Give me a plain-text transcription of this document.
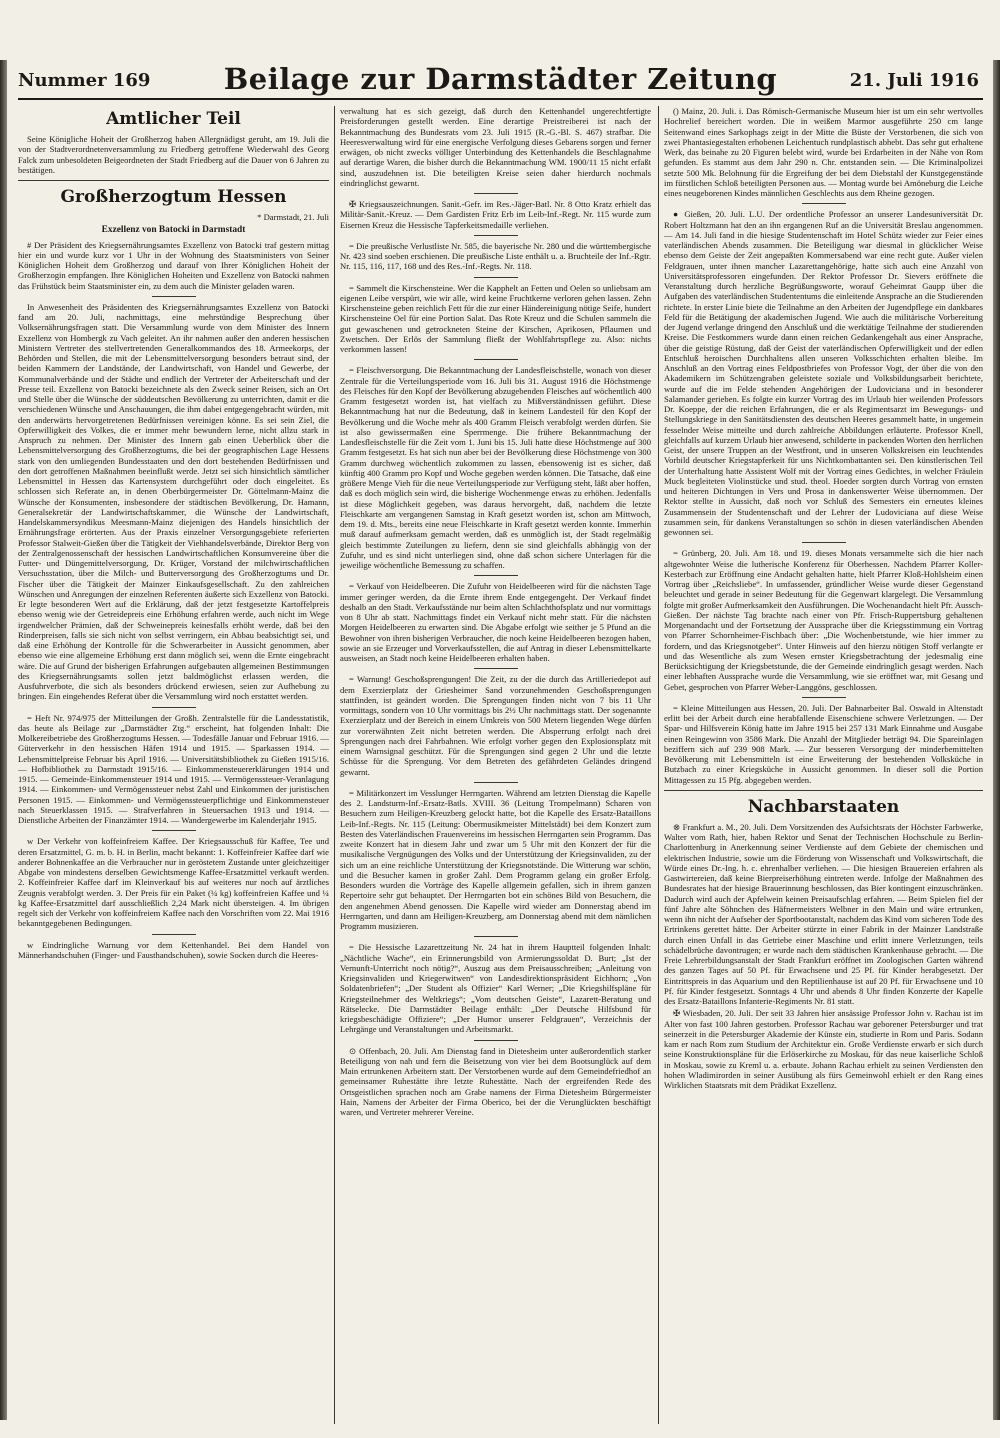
Nummer 169	Beilage zur Darmstädter Zeitung	21. Juli 1916
Amtlicher Teil

Seine Königliche Hoheit der Großherzog haben Allergnädigst geruht, am 19. Juli die von der Stadtverordnetenversammlung zu Friedberg getroffene Wiederwahl des Georg Falck zum unbesoldeten Beigeordneten der Stadt Friedberg auf die Dauer von 6 Jahren zu bestätigen.

Großherzogtum Hessen
* Darmstadt, 21. Juli
Exzellenz von Batocki in Darmstadt

# Der Präsident des Kriegsernährungsamtes Exzellenz von Batocki traf gestern mittag hier ein und wurde kurz vor 1 Uhr in der Wohnung des Staatsministers von Seiner Königlichen Hoheit dem Großherzog und darauf von Ihrer Königlichen Hoheit der Großherzogin empfangen. Ihre Königlichen Hoheiten und Exzellenz von Batocki nahmen das Frühstück beim Staatsminister ein, zu dem auch die Minister geladen waren.

In Anwesenheit des Präsidenten des Kriegsernährungsamtes Exzellenz von Batocki fand am 20. Juli, nachmittags, eine mehrstündige Besprechung über Volksernährungsfragen statt. Die Versammlung wurde von dem Minister des Innern Exzellenz von Hombergk zu Vach geleitet. An ihr nahmen außer den anderen hessischen Ministern Vertreter des stellvertretenden Generalkommandos des 18. Armeekorps, der Behörden und Stellen, die mit der Lebensmittelversorgung besonders betraut sind, der beiden Kammern der Landstände, der Landwirtschaft, von Handel und Gewerbe, der Kommunalverbände und der Städte und endlich der Vertreter der Arbeiterschaft und der Presse teil. Exzellenz von Batocki bezeichnete als den Zweck seiner Reisen, sich an Ort und Stelle über die Wünsche der süddeutschen Bevölkerung zu unterrichten, damit er die verschiedenen Wünsche und Anschauungen, die ihm dabei entgegengebracht würden, mit den anderwärts hervorgetretenen Bedürfnissen vereinigen könne. Es sei sein Ziel, die Opferwilligkeit des Volkes, die er immer mehr bewundern lerne, nicht allzu stark in Anspruch zu nehmen. Der Minister des Innern gab einen Ueberblick über die Lebensmittelversorgung des Großherzogtums, die bei der geographischen Lage Hessens stark von den umliegenden Bundesstaaten und den dort bestehenden Bedürfnissen und den dort getroffenen Maßnahmen beeinflußt werde. Jetzt sei sich hinsichtlich sämtlicher Lebensmittel in Hessen das Kartensystem durchgeführt oder doch eingeleitet. Es schlossen sich Referate an, in denen Oberbürgermeister Dr. Göttelmann-Mainz die Wünsche der Konsumenten, insbesondere der städtischen Bevölkerung, Dr. Hamann, Generalsekretär der Landwirtschaftskammer, die Wünsche der Landwirtschaft, Handelskammersyndikus Meesmann-Mainz diejenigen des Handels hinsichtlich der Ernährungsfrage erörterten. Aus der Praxis einzelner Versorgungsgebiete referierten Professor Stalweit-Gießen über die Tätigkeit der Viehhandelsverbände, Direktor Berg von der Zentralgenossenschaft der hessischen Landwirtschaftlichen Konsumvereine über die Futter- und Düngemittelversorgung, Dr. Krüger, Vorstand der milchwirtschaftlichen Versuchsstation, über die Milch- und Butterversorgung des Großherzogtums und Dr. Fischer über die Tätigkeit der Mainzer Einkaufsgesellschaft. Zu den zahlreichen Wünschen und Anregungen der einzelnen Referenten äußerte sich Exzellenz von Batocki. Er legte besonderen Wert auf die Erklärung, daß der jetzt festgesetzte Kartoffelpreis ebenso wenig wie der Getreidepreis eine Erhöhung erfahren werde, auch nicht im Wege irgendwelcher Prämien, daß der Schweinepreis keinesfalls erhöht werde, daß bei den Rinderpreisen, falls sie sich nicht von selbst verringern, ein Abbau beabsichtigt sei, und daß eine Erhöhung der Kontrolle für die Schwerarbeiter in Aussicht genommen, aber ebenso wie eine allgemeine Erhöhung erst dann möglich sei, wenn die Ernte eingebracht wäre. Die auf Grund der bisherigen Erfahrungen aufgebauten allgemeinen Bestimmungen des Kriegsernährungsamts sollen jetzt baldmöglichst erlassen werden, die Ausfuhrverbote, die sich als besonders drückend erwiesen, seien zur Aufhebung zu bringen. Ein eingehendes Referat über die Versammlung wird noch erstattet werden.

= Heft Nr. 974/975 der Mitteilungen der Großh. Zentralstelle für die Landesstatistik, das heute als Beilage zur „Darmstädter Ztg.“ erscheint, hat folgenden Inhalt: Die Molkereibetriebe des Großherzogtums Hessen. — Todesfälle Januar und Februar 1916. — Güterverkehr in den hessischen Häfen 1914 und 1915. — Sparkassen 1914. — Lebensmittelpreise Februar bis April 1916. — Universitätsbibliothek zu Gießen 1915/16. — Hofbibliothek zu Darmstadt 1915/16. — Einkommensteuererklärungen 1914 und 1915. — Gemeinde-Einkommensteuer 1914 und 1915. — Vermögenssteuer-Veranlagung 1914. — Einkommen- und Vermögenssteuer nebst Zahl und Einkommen der juristischen Personen 1915. — Einkommen- und Vermögenssteuerpflichtige und Einkommensteuer nach Steuerklassen 1915. — Strafverfahren in Steuersachen 1913 und 1914. — Dienstliche Arbeiten der Finanzämter 1914. — Wandergewerbe im Kalenderjahr 1915.

w Der Verkehr von koffeinfreiem Kaffee. Der Kriegsausschuß für Kaffee, Tee und deren Ersatzmittel, G. m. b. H. in Berlin, macht bekannt: 1. Koffeinfreier Kaffee darf wie anderer Bohnenkaffee an die Verbraucher nur in geröstetem Zustande unter gleichzeitiger Abgabe von mindestens derselben Gewichtsmenge Kaffee-Ersatzmittel verkauft werden. 2. Koffeinfreier Kaffee darf im Kleinverkauf bis auf weiteres nur noch auf ärztliches Zeugnis verabfolgt werden. 3. Der Preis für ein Paket (¼ kg) koffeinfreien Kaffee und ¼ kg Kaffee-Ersatzmittel darf ausschließlich 2,24 Mark nicht übersteigen. 4. Im übrigen regelt sich der Verkehr von koffeinfreiem Kaffee nach den Vorschriften vom 22. Mai 1916 bekanntgegebenen Bedingungen.

w Eindringliche Warnung vor dem Kettenhandel. Bei dem Handel von Männerhandschuhen (Finger- und Fausthandschuhen), sowie Socken durch die Heeres-

verwaltung hat es sich gezeigt, daß durch den Kettenhandel ungerechtfertigte Preisforderungen gestellt werden. Eine derartige Preistreiberei ist nach der Bekanntmachung des Bundesrats vom 23. Juli 1915 (R.-G.-Bl. S. 467) strafbar. Die Heeresverwaltung wird für eine energische Verfolgung dieses Gebarens sorgen und ferner erwägen, ob nicht zwecks völliger Unterbindung des Kettenhandels die Beschlagnahme auf derartige Waren, die bisher durch die Bekanntmachung WM. 1900/11 15 nicht erfaßt sind, auszudehnen ist. Die beteiligten Kreise seien daher hierdurch nochmals eindringlichst gewarnt.

✠ Kriegsauszeichnungen. Sanit.-Gefr. im Res.-Jäger-Batl. Nr. 8 Otto Kratz erhielt das Militär-Sanit.-Kreuz. — Dem Gardisten Fritz Erb im Leib-Inf.-Regt. Nr. 115 wurde zum Eisernen Kreuz die Hessische Tapferkeitsmedaille verliehen.

= Die preußische Verlustliste Nr. 585, die bayerische Nr. 280 und die württembergische Nr. 423 sind soeben erschienen. Die preußische Liste enthält u. a. Bruchteile der Inf.-Rgtr. Nr. 115, 116, 117, 168 und des Res.-Inf.-Regts. Nr. 118.

= Sammelt die Kirschensteine. Wer die Kapphelt an Fetten und Oelen so unliebsam am eigenen Leibe verspürt, wie wir alle, wird keine Fruchtkerne verloren gehen lassen. Zehn Kirschensteine geben reichlich Fett für die zur einer Händereinigung nötige Seife, hundert Kirschensteine Oel für eine Portion Salat. Das Rote Kreuz und die Schulen sammeln die gut gewaschenen und getrockneten Steine der Kirschen, Aprikosen, Pflaumen und Zwetschen. Der Erlös der Sammlung fließt der Wohlfahrtspflege zu. Also: nichts verkommen lassen!

= Fleischversorgung. Die Bekanntmachung der Landesfleischstelle, wonach von dieser Zentrale für die Verteilungsperiode vom 16. Juli bis 31. August 1916 die Höchstmenge des Fleisches für den Kopf der Bevölkerung abzugebenden Fleisches auf wöchentlich 400 Gramm festgesetzt worden ist, hat vielfach zu Mißverständnissen geführt. Diese Bekanntmachung hat nur die Bedeutung, daß in keinem Landesteil für den Kopf der Bevölkerung und die Woche mehr als 400 Gramm Fleisch verabfolgt werden dürfen. Sie ist also gewissermaßen eine Sperrmenge. Die frühere Bekanntmachung der Landesfleischstelle für die Zeit vom 1. Juni bis 15. Juli hatte diese Höchstmenge auf 300 Gramm festgesetzt. Es hat sich nun aber bei der Bevölkerung diese Höchstmenge von 300 Gramm durchweg wöchentlich zukommen zu lassen, ebensowenig ist es sicher, daß künftig 400 Gramm pro Kopf und Woche gegeben werden können. Die Tatsache, daß eine größere Menge Vieh für die neue Verteilungsperiode zur Verfügung steht, läßt aber hoffen, daß es doch möglich sein wird, die bisherige Wochenmenge etwas zu erhöhen. Jedenfalls ist diese Möglichkeit gegeben, was daraus hervorgeht, daß, nachdem die letzte Fleischkarte am vergangenen Samstag in Kraft gesetzt worden ist, schon am Mittwoch, dem 19. d. Mts., bereits eine neue Fleischkarte in Kraft gesetzt werden konnte. Immerhin muß darauf aufmerksam gemacht werden, daß es unmöglich ist, der Stadt regelmäßig gleich bestimmte Zuteilungen zu liefern, denn sie sind gleichfalls abhängig von der Zufuhr, und es sind nicht unterliegen sind, ohne daß schon sichere Unterlagen für die jeweilige wöchentliche Bemessung zu schaffen.

= Verkauf von Heidelbeeren. Die Zufuhr von Heidelbeeren wird für die nächsten Tage immer geringer werden, da die Ernte ihrem Ende entgegengeht. Der Verkauf findet deshalb an den Stadt. Verkaufsstände nur beim alten Schlachthofsplatz und nur vormittags von 8 Uhr ab statt. Nachmittags findet ein Verkauf nicht mehr statt. Für die nächsten Morgen Heidelbeeren zu erwarten sind. Die Abgabe erfolgt wie seither je 5 Pfund an die Bewohner von ihren bisherigen Verbraucher, die noch keine Heidelbeeren bezogen haben, sowie an sie Erzeuger und Vorverkaufsstellen, die auf Antrag in dieser Lebensmittelkarte ausweisen, an Stadt noch keine Heidelbeeren erhalten haben.

= Warnung! Geschoßsprengungen! Die Zeit, zu der die durch das Artilleriedepot auf dem Exerzierplatz der Griesheimer Sand vorzunehmenden Geschoßsprengungen stattfinden, ist geändert worden. Die Sprengungen finden nicht von 7 bis 11 Uhr vormittags, sondern von 10 Uhr vormittags bis 2½ Uhr nachmittags statt. Der sogenannte Exerzierplatz und der Bereich in einem Umkreis von 500 Metern liegenden Wege dürfen zur vorerwähnten Zeit nicht betreten werden. Die Absperrung erfolgt nach drei Sprengungen nach drei Fahrbahnen. Wie erfolgt vorher gegen den Explosionsplatz mit einem Warnsignal geschützt. Für die Sprengungen sind gegen 2 Uhr und die letzte Schüsse für die Sprengung. Vor dem Betreten des gefährdeten Geländes dringend gewarnt.

= Militärkonzert im Vesslunger Herrngarten. Während am letzten Dienstag die Kapelle des 2. Landsturm-Inf.-Ersatz-Batls. XVIII. 36 (Leitung Trompelmann) Scharen von Besuchern zum Heiligen-Kreuzberg gelockt hatte, bot die Kapelle des Ersatz-Bataillons Leib-Inf.-Regts. Nr. 115 (Leitung: Obermusikmeister Mittelstädt) bei dem Konzert zum Besten des Vaterländischen Frauenvereins im hessischen Herrngarten sein Programm. Das zweite Konzert hat in diesem Jahr und zwar um 5 Uhr mit den Konzert der für die musikalische Vergnügungen des Volks und der Unterstützung der Kriegsinvaliden, zu der sich um an eine reichliche Unterstützung der Kriegsnotstände. Die Witterung war schön, und die Besucher kamen in großer Zahl. Dem Programm gelang ein großer Erfolg. Besonders wurden die Vorträge des Kapelle allgemein gefallen, sich in ihrem ganzen Repertoire sehr gut behauptet. Der Herrngarten bot ein schönes Bild von Besuchern, die den angenehmen Abend genossen. Die Kapelle wird wieder am Donnerstag abend im Herrngarten, und dann am Heiligen-Kreuzberg, am Donnerstag abend mit dem nämlichen Programm musizieren.

= Die Hessische Lazarettzeitung Nr. 24 hat in ihrem Hauptteil folgenden Inhalt: „Nächtliche Wache“, ein Erinnerungsbild von Armierungssoldat D. Burt; „Ist der Vernunft-Unterricht noch nötig?“, Auszug aus dem Preisausschreiben; „Anleitung von Kriegsinvaliden und Kriegerwitwen“ von Landesdirektionspräsident Eichhorn; „Von Soldatenbriefen“; „Der Student als Offizier“ Karl Werner; „Die Kriegshilfspläne für Kriegsteilnehmer des Weltkriegs“; „Vom deutschen Geiste“, Lazarett-Beratung und Rätselecke. Die Darmstädter Beilage enthält: „Der Deutsche Hilfsbund für kriegsbeschädigte Offiziere“; „Der Humor unserer Feldgrauen“, Verzeichnis der Lehrgänge und Veranstaltungen und Arbeitsmarkt.

⊙ Offenbach, 20. Juli. Am Dienstag fand in Dietesheim unter außerordentlich starker Beteiligung von nah und fern die Beisetzung von vier bei dem Bootsunglück auf dem Main ertrunkenen Arbeitern statt. Der Verstorbenen wurde auf dem Gemeindefriedhof an gemeinsamer Ruhestätte ihre letzte Ruhestätte. Nach der ergreifenden Rede des Ortsgeistlichen sprachen noch am Grabe namens der Firma Dietesheim Bürgermeister Hain, Namens der Arbeiter der Firma Oberico, bei der die Verunglückten beschäftigt waren, und Vertreter mehrerer Vereine.

() Mainz, 20. Juli. i. Das Römisch-Germanische Museum hier ist um ein sehr wertvolles Hochrelief bereichert worden. Die in weißem Marmor ausgeführte 250 cm lange Seitenwand eines Sarkophags zeigt in der Mitte die Büste der Verstorbenen, die sich von zwei Phantasiegestalten erhobenen Leichentuch rundplastisch abhebt. Das sehr gut erhaltene Werk, das beinahe zu 20 Figuren belebt wird, wurde bei Erdarbeiten in der Nähe von Rom gefunden. Es stammt aus dem Jahr 290 n. Chr. entstanden sein. — Die Kriminalpolizei setzte 500 Mk. Belohnung für die Ergreifung der bei dem Diebstahl der Kunstgegenstände im fürstlichen Schloß beteiligten Personen aus. — Montag wurde bei Amöneburg die Leiche eines neugeborenen Kindes männlichen Geschlechts aus dem Rheine gezogen.

● Gießen, 20. Juli. L.U. Der ordentliche Professor an unserer Landesuniversität Dr. Robert Holtzmann hat den an ihn ergangenen Ruf an die Universität Breslau angenommen. — Am 14. Juli fand in die hiesige Studentenschaft im Hotel Schütz wieder zur Feier eines vaterländischen Abends zusammen. Die Beteiligung war diesmal in glücklicher Weise ebenso dem Geiste der Zeit angepaßten Kommersabend war eine recht gute. Außer vielen Feldgrauen, unter ihnen mancher Lazarettangehörige, hatte sich auch eine Anzahl von Universitätsprofessoren eingefunden. Der Rektor Professor Dr. Sievers eröffnete die Veranstaltung durch herzliche Begrüßungsworte, worauf Geheimrat Gaupp über die Aufgaben des vaterländischen Studententums die einleitende Ansprache an die Studierenden richtete. In erster Linie biete die Teilnahme an den Arbeiten der Jugendpflege ein dankbares Feld für die Betätigung der akademischen Jugend. Wie auch die militärische Vorbereitung der Jugend verlange dringend den Anschluß und die werktätige Teilnahme der studierenden Kreise. Die Festkommers wurde dann einen reichen Gedankengehalt aus einer Ansprache, über die geistige Rüstung, daß der Geist der vaterländischen Opferwilligkeit und der edlen Entschluß heroischen Durchhaltens allen unseren Volksschichten erhalten bleibe. Im Anschluß an den Vortrag eines Feldpostbriefes von Professor Vogt, der über die von den Akademikern im Schützengraben geleistete soziale und Volksbildungsarbeit berichtete, wurde auf die im Felde stehenden Angehörigen der Ludoviciana und in besonderer Salamander gerieben. Es folgte ein kurzer Vortrag des im Urlaub hier weilenden Professors Dr. Koeppe, der die reichen Erfahrungen, die er als Regimentsarzt im Bewegungs- und Stellungskriege in den Sanitätsdiensten des deutschen Heeres gesammelt hatte, in ungemein fesselnder Weise mitteilte und durch zahlreiche Abbildungen erläuterte. Professor Knell, gleichfalls auf kurzem Urlaub hier anwesend, schilderte in packenden Worten den herrlichen Geist, der unsere Truppen an der Westfront, und in unseren Volkskreisen ein leuchtendes Vorbild deutscher Kriegstapferkeit für uns Nichtkombattanten sei. Den künstlerischen Teil der Unterhaltung hatte Assistent Wolf mit der Vortrag eines Gedichtes, in welcher Fräulein Muck begleiteten Violinstücke und stud. theol. Hoeder sorgten durch Vortrag von ernsten und heiteren Dichtungen in Vers und Prosa in dankenswerter Weise übernommen. Der Rektor stellte in Aussicht, daß noch vor Schluß des Semesters ein erneutes kleines Zusammensein der Studentenschaft und der Lehrer der Ludoviciana auf diese Weise zusammen sein, für dankens Veranstaltungen so schön in diesen vaterländischen Abenden gewonnen sei.

= Grünberg, 20. Juli. Am 18. und 19. dieses Monats versammelte sich die hier nach altgewohnter Weise die lutherische Konferenz für Oberhessen. Nachdem Pfarrer Koller-Kesterbach zur Eröffnung eine Andacht gehalten hatte, hielt Pfarrer Kloß-Hohlsheim einen Vortrag über „Reichsliebe“. In umfassender, gründlicher Weise wurde dieser Gegenstand beleuchtet und gerade in seiner Bedeutung für die Gegenwart klargelegt. Die Versammlung folgte mit großer Aufmerksamkeit den Ausführungen. Die Wochenandacht hielt Pfr. Aussch-Gießen. Der nächste Tag brachte nach einer von Pfr. Frisch-Ruppertsburg gehaltenen Morgenandacht und der Fortsetzung der Aussprache über die Kriegsstimmung ein Vortrag von Pfarrer Schornheimer-Fischbach über: „Die Wochenbetstunde, wie hier immer zu fordern, und das Kriegsnotgebet“. Unter Hinweis auf den hierzu nötigen Stoff verlangte er und das Wesentliche als zum Wesen ernster Kriegsbetrachtung der jedesmalig eine Berücksichtigung der Kriegsbetstunde, die der Gemeinde eindringlich gesagt werden. Nach einer lebhaften Aussprache wurde die Versammlung, wie sie eröffnet war, mit Gesang und Gebet, gesprochen von Pfarrer Weber-Langgöns, geschlossen.

= Kleine Mitteilungen aus Hessen, 20. Juli. Der Bahnarbeiter Bal. Oswald in Altenstadt erlitt bei der Arbeit durch eine herabfallende Eisenschiene schwere Verletzungen. — Der Spar- und Hilfsverein König hatte im Jahre 1915 bei 257 131 Mark Einnahme und Ausgabe einen Reingewinn von 3586 Mark. Die Anzahl der Mitglieder beträgt 94. Die Spareinlagen beziffern sich auf 239 908 Mark. — Zur besseren Versorgung der minderbemittelten Bevölkerung mit Lebensmitteln ist eine Erweiterung der bestehenden Volksküche in Butzbach zu einer Kriegsküche in Aussicht genommen. In dieser soll die Portion Mittagessen zu 15 Pfg. abgegeben werden.

Nachbarstaaten

⊗ Frankfurt a. M., 20. Juli. Dem Vorsitzenden des Aufsichtsrats der Höchster Farbwerke, Walter vom Rath, hier, haben Rektor und Senat der Technischen Hochschule zu Berlin-Charlottenburg in Anerkennung seiner Verdienste auf dem Gebiete der chemischen und elektrischen Industrie, sowie um die Förderung von Wissenschaft und Volkswirtschaft, die Würde eines Dr.-Ing. h. c. ehrenhalber verliehen. — Die hiesigen Brauereien erfahren als Gastwirtereien, daß keine Bierpreiserhöhung eintreten werde. Infolge der Maßnahmen des Bundesrates hat der hiesige Brauerinnung beschlossen, das Bier kontingent einzuschränken. Dadurch wird auch der Apfelwein keinen Preisaufschlag erfahren. — Beim Spielen fiel der fünf Jahre alte Söhnchen des Häfnermeisters Welbner in den Main und wäre ertrunken, wenn ihn nicht der Aufseher der Sportbootanstalt, nachdem das Kind vom sicheren Tode des Ertrinkens gerettet hätte. Der Arbeiter stürzte in einer Fabrik in der Mainzer Landstraße durch einen Unfall in das Getriebe einer Maschine und erlitt innere Verletzungen, teils schädelbrüche davontrugen; er wurde nach dem städtischen Krankenhause gebracht. — Die Freie Lehrerbildungsanstalt der Stadt Frankfurt eröffnet im Zoologischen Garten während des ganzen Tages auf 50 Pf. für Erwachsene und 25 Pf. für Kinder herabgesetzt. Der Eintrittspreis in das Aquarium und den Reptilienhause ist auf 20 Pf. für Erwachsene und 10 Pf. für Kinder festgesetzt. Sonntags 4 Uhr und abends 8 Uhr finden Konzerte der Kapelle des Ersatz-Bataillons Infanterie-Regiments Nr. 81 statt.

✠ Wiesbaden, 20. Juli. Der seit 33 Jahren hier ansässige Professor John v. Rachau ist im Alter von fast 100 Jahren gestorben. Professor Rachau war geborener Petersburger und trat seinerzeit in die Petersburger Akademie der Künste ein, studierte in Rom und Paris. Sodann kam er nach Rom zum Studium der Architektur ein. Große Verdienste erwarb er sich durch seine Konstruktionspläne für die Erlöserkirche zu Moskau, für das neue kaiserliche Schloß in Moskau, sowie zu Kreml u. a. erbaute. Johann Rachau erhielt zu seinen Verdiensten den hohen Wladimirorden in seiner Ausübung als fürs Gemeinwohl erhielt er den Rang eines Wirklichen Staatsrats mit dem Prädikat Exzellenz.
